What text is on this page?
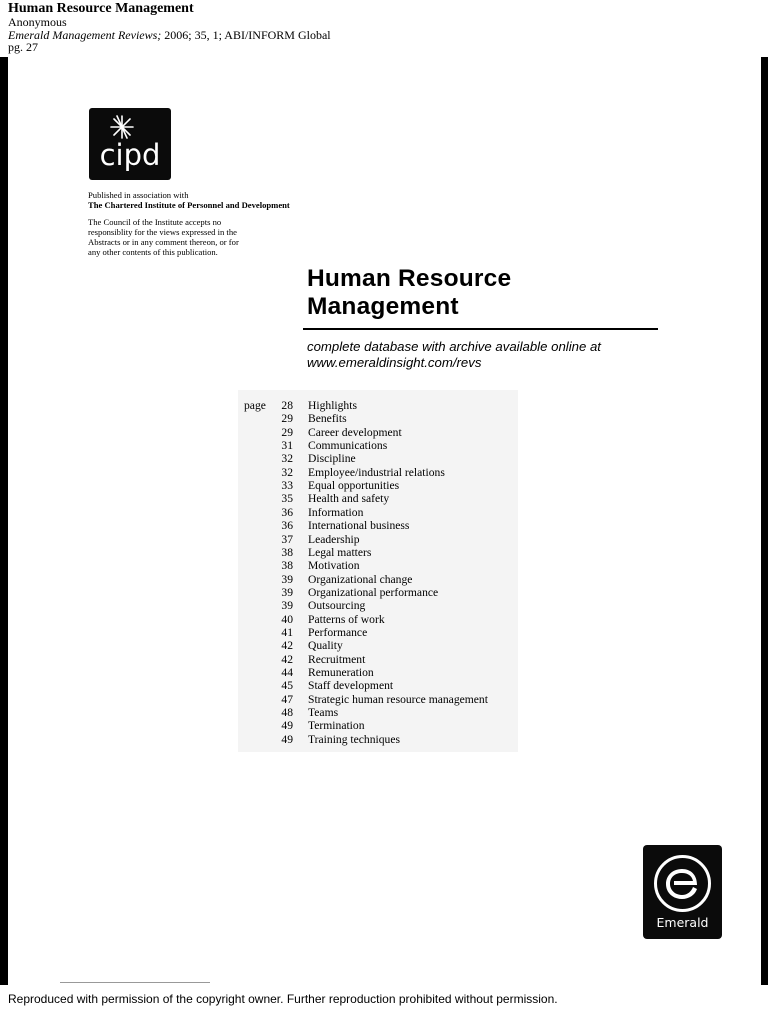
Human Resource Management
Anonymous
Emerald Management Reviews; 2006; 35, 1; ABI/INFORM Global
pg. 27
cipd
Published in association with
The Chartered Institute of Personnel and Development
The Council of the Institute accepts no
responsiblity for the views expressed in the
Abstracts or in any comment thereon, or for
any other contents of this publication.
Human Resource
Management
complete database with archive available online at
www.emeraldinsight.com/revs
page	28 Highlights
29 Benefits
29 Career development
31 Communications
32 Discipline
32 Employee/industrial relations
33 Equal opportunities
35 Health and safety
36 Information
36 International business
37 Leadership
38 Legal matters
38 Motivation
39 Organizational change
39 Organizational performance
39 Outsourcing
40 Patterns of work
41 Performance
42 Quality
42 Recruitment
44 Remuneration
45 Staff development
47 Strategic human resource management
48 Teams
49 Termination
49 Training techniques
Emerald
Reproduced with permission of the copyright owner. Further reproduction prohibited without permission.
